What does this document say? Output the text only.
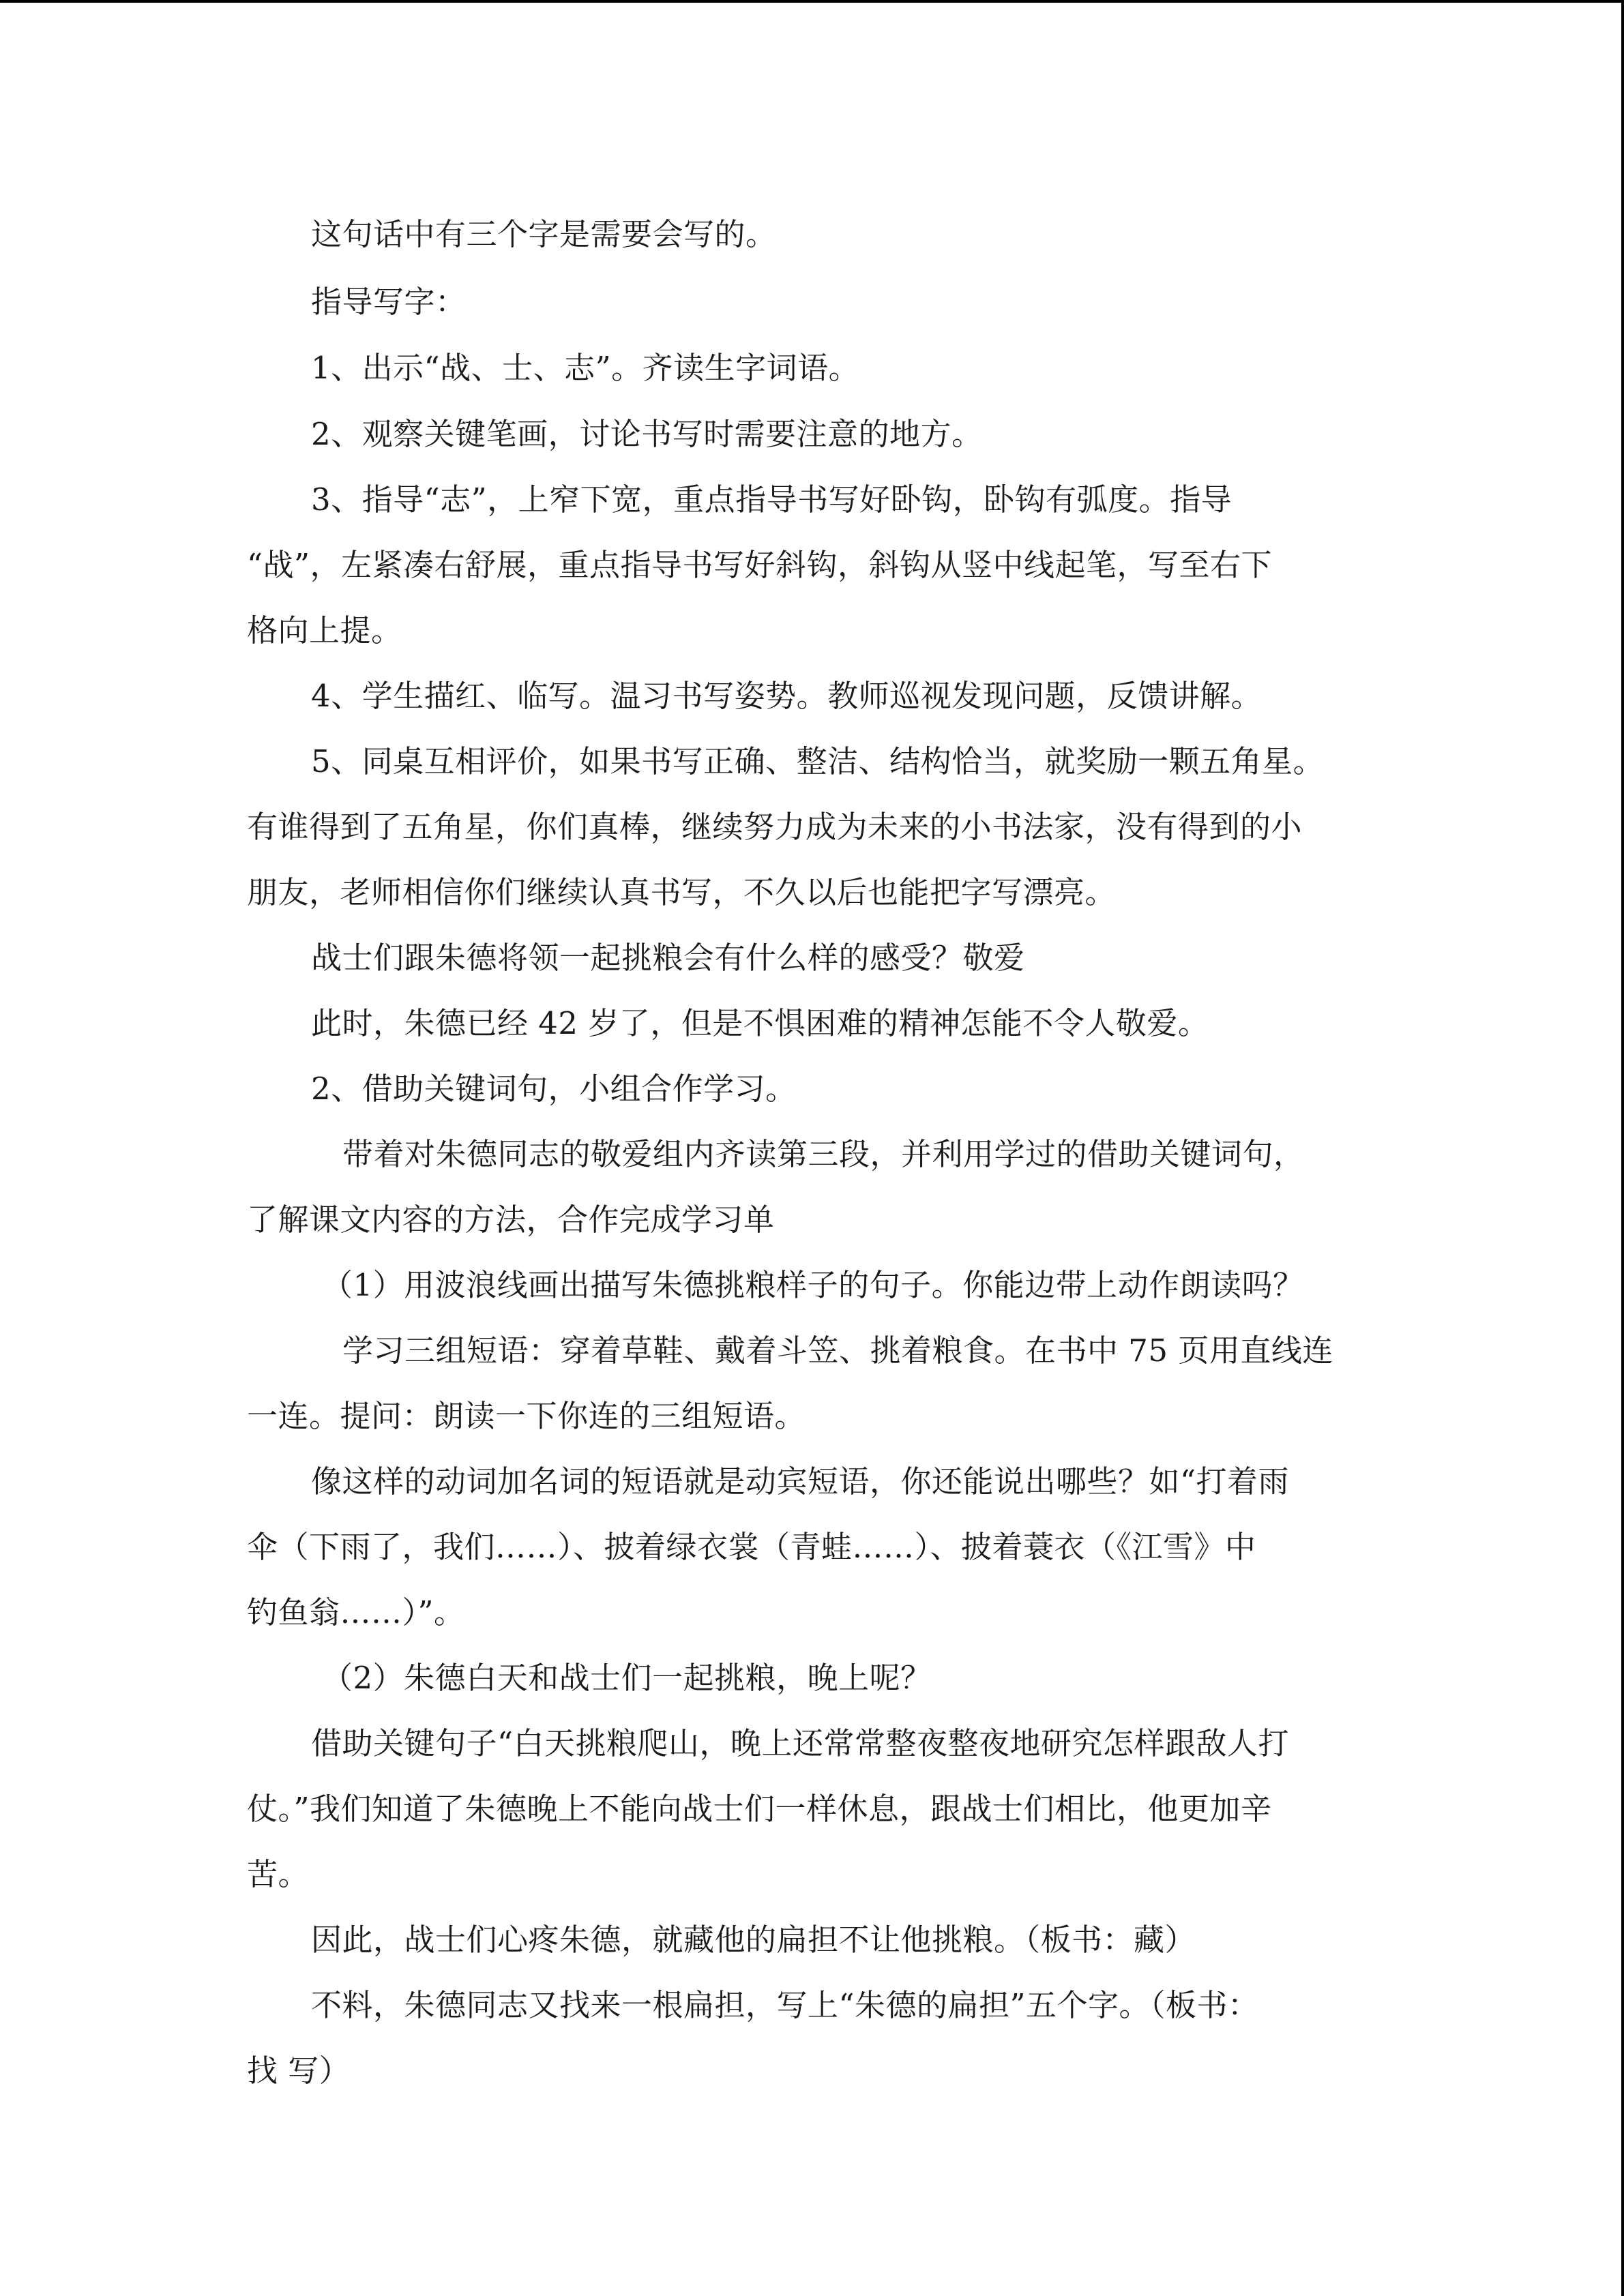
这句话中有三个字是需要会写的。
指导写字：
1、出示“战、士、志”。齐读生字词语。
2、观察关键笔画，讨论书写时需要注意的地方。
3、指导“志”，上窄下宽，重点指导书写好卧钩，卧钩有弧度。指导
“战”，左紧凑右舒展，重点指导书写好斜钩，斜钩从竖中线起笔，写至右下
格向上提。
4、学生描红、临写。温习书写姿势。教师巡视发现问题，反馈讲解。
5、同桌互相评价，如果书写正确、整洁、结构恰当，就奖励一颗五角星。
有谁得到了五角星，你们真棒，继续努力成为未来的小书法家，没有得到的小
朋友，老师相信你们继续认真书写，不久以后也能把字写漂亮。
战士们跟朱德将领一起挑粮会有什么样的感受？敬爱
此时，朱德已经 42 岁了，但是不惧困难的精神怎能不令人敬爱。
2、借助关键词句，小组合作学习。
带着对朱德同志的敬爱组内齐读第三段，并利用学过的借助关键词句，
了解课文内容的方法，合作完成学习单
（1）用波浪线画出描写朱德挑粮样子的句子。你能边带上动作朗读吗？
学习三组短语：穿着草鞋、戴着斗笠、挑着粮食。在书中 75 页用直线连
一连。提问：朗读一下你连的三组短语。
像这样的动词加名词的短语就是动宾短语，你还能说出哪些？如“打着雨
伞（下雨了，我们……）、披着绿衣裳（青蛙……）、披着蓑衣（《江雪》中
钓鱼翁……）”。
（2）朱德白天和战士们一起挑粮，晚上呢？
借助关键句子“白天挑粮爬山，晚上还常常整夜整夜地研究怎样跟敌人打
仗。”我们知道了朱德晚上不能向战士们一样休息，跟战士们相比，他更加辛
苦。
因此，战士们心疼朱德，就藏他的扁担不让他挑粮。（板书：藏）
不料，朱德同志又找来一根扁担，写上“朱德的扁担”五个字。（板书：
找 写）
